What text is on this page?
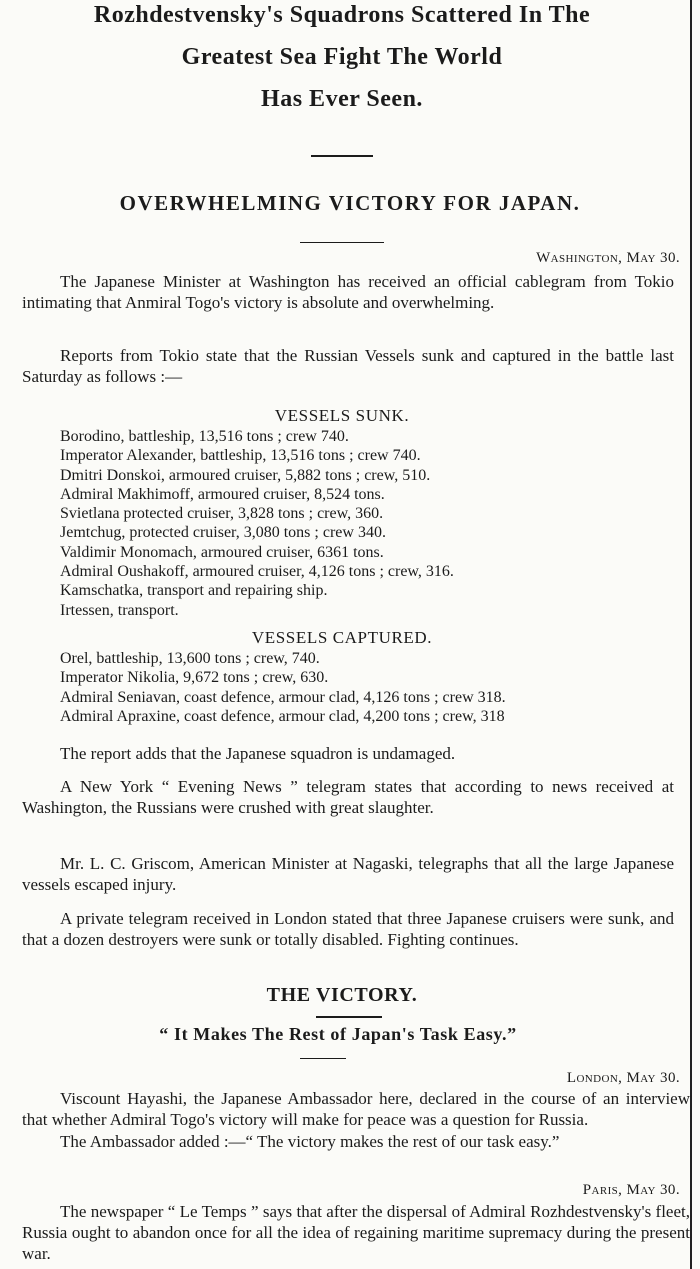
Rozhdestvensky's Squadrons Scattered In The
Greatest Sea Fight The World
Has Ever Seen.
OVERWHELMING VICTORY FOR JAPAN.
Washington, May 30.
The Japanese Minister at Washington has received an official cablegram from Tokio intimating that Anmiral Togo's victory is absolute and overwhelming.
Reports from Tokio state that the Russian Vessels sunk and captured in the battle last Saturday as follows :—
VESSELS SUNK.
Borodino, battleship, 13,516 tons ; crew 740.
Imperator Alexander, battleship, 13,516 tons ; crew 740.
Dmitri Donskoi, armoured cruiser, 5,882 tons ; crew, 510.
Admiral Makhimoff, armoured cruiser, 8,524 tons.
Svietlana protected cruiser, 3,828 tons ; crew, 360.
Jemtchug, protected cruiser, 3,080 tons ; crew 340.
Valdimir Monomach, armoured cruiser, 6361 tons.
Admiral Oushakoff, armoured cruiser, 4,126 tons ; crew, 316.
Kamschatka, transport and repairing ship.
Irtessen, transport.
VESSELS CAPTURED.
Orel, battleship, 13,600 tons ; crew, 740.
Imperator Nikolia, 9,672 tons ; crew, 630.
Admiral Seniavan, coast defence, armour clad, 4,126 tons ; crew 318.
Admiral Apraxine, coast defence, armour clad, 4,200 tons ; crew, 318
The report adds that the Japanese squadron is undamaged.
A New York “ Evening News ” telegram states that according to news received at Washington, the Russians were crushed with great slaughter.
Mr. L. C. Griscom, American Minister at Nagaski, telegraphs that all the large Japanese vessels escaped injury.
A private telegram received in London stated that three Japanese cruisers were sunk, and that a dozen destroyers were sunk or totally disabled. Fighting continues.
THE VICTORY.
“ It Makes The Rest of Japan's Task Easy.”
London, May 30.
Viscount Hayashi, the Japanese Ambassador here, declared in the course of an interview that whether Admiral Togo's victory will make for peace was a question for Russia.
The Ambassador added :—“ The victory makes the rest of our task easy.”
Paris, May 30.
The newspaper “ Le Temps ” says that after the dispersal of Admiral Rozhdestvensky's fleet, Russia ought to abandon once for all the idea of regaining maritime supremacy during the present war.
